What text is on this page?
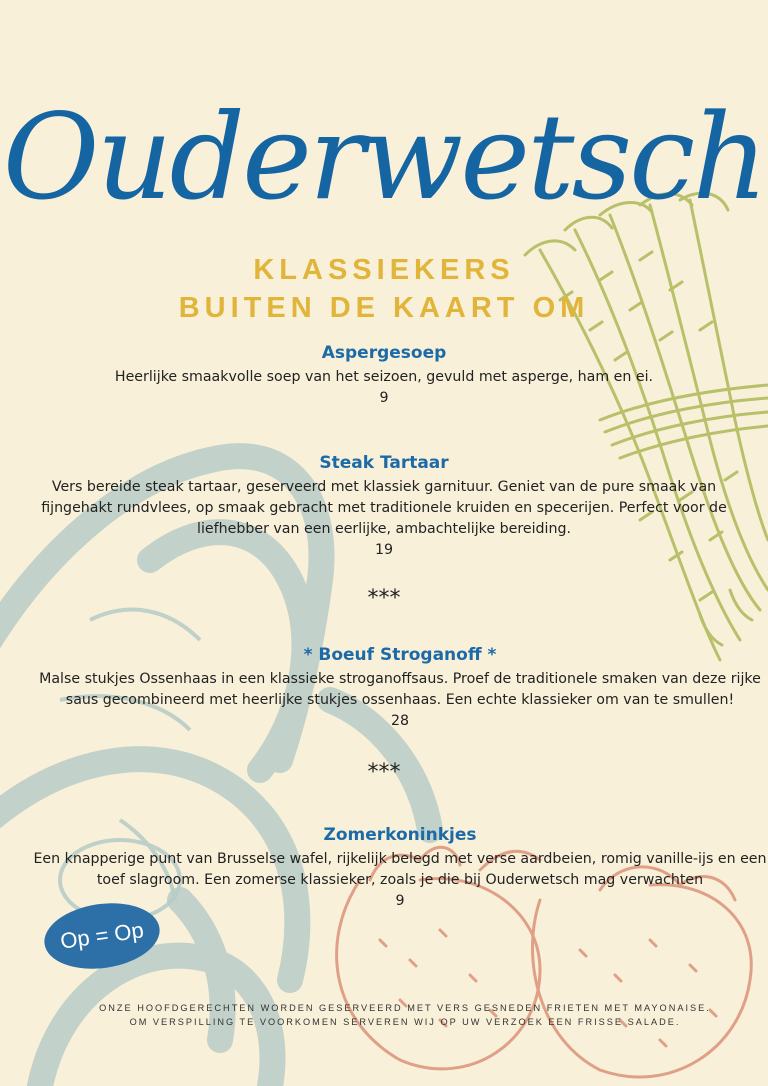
Ouderwetsch
KLASSIEKERS
BUITEN DE KAART OM
Aspergesoep
Heerlijke smaakvolle soep van het seizoen, gevuld met asperge, ham en ei.
9
Steak Tartaar
Vers bereide steak tartaar, geserveerd met klassiek garnituur. Geniet van de pure smaak van
fijngehakt rundvlees, op smaak gebracht met traditionele kruiden en specerijen. Perfect voor de
liefhebber van een eerlijke, ambachtelijke bereiding.
19
***
* Boeuf Stroganoff *
Malse stukjes Ossenhaas in een klassieke stroganoffsaus. Proef de traditionele smaken van deze rijke
saus gecombineerd met heerlijke stukjes ossenhaas. Een echte klassieker om van te smullen!
28
***
Zomerkoninkjes
Een knapperige punt van Brusselse wafel, rijkelijk belegd met verse aardbeien, romig vanille-ijs en een
toef slagroom. Een zomerse klassieker, zoals je die bij Ouderwetsch mag verwachten
9
Op = Op
ONZE HOOFDGERECHTEN WORDEN GESERVEERD MET VERS GESNEDEN FRIETEN MET MAYONAISE.
OM VERSPILLING TE VOORKOMEN SERVEREN WIJ OP UW VERZOEK EEN FRISSE SALADE.
